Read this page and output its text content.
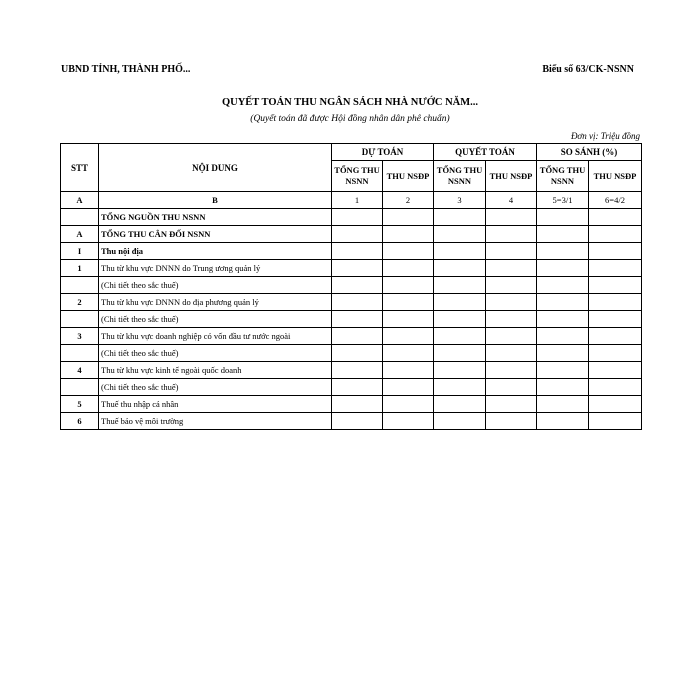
UBND TỈNH, THÀNH PHỐ...	Biểu số 63/CK-NSNN
QUYẾT TOÁN THU NGÂN SÁCH NHÀ NƯỚC NĂM...
(Quyết toán đã được Hội đồng nhân dân phê chuẩn)
Đơn vị: Triệu đồng
STT	NỘI DUNG	DỰ TOÁN		QUYẾT TOÁN		SO SÁNH (%)	
		TỔNG THU NSNN	THU NSĐP	TỔNG THU NSNN	THU NSĐP	TỔNG THU NSNN	THU NSĐP
A	B	1	2	3	4	5=3/1	6=4/2
	TỔNG NGUỒN THU NSNN						
A	TỔNG THU CÂN ĐỐI NSNN						
I	Thu nội địa						
1	Thu từ khu vực DNNN do Trung ương quản lý						
	(Chi tiết theo sắc thuế)						
2	Thu từ khu vực DNNN do địa phương quản lý						
	(Chi tiết theo sắc thuế)						
3	Thu từ khu vực doanh nghiệp có vốn đầu tư nước ngoài						
	(Chi tiết theo sắc thuế)						
4	Thu từ khu vực kinh tế ngoài quốc doanh						
	(Chi tiết theo sắc thuế)						
5	Thuế thu nhập cá nhân						
6	Thuế bảo vệ môi trường						
